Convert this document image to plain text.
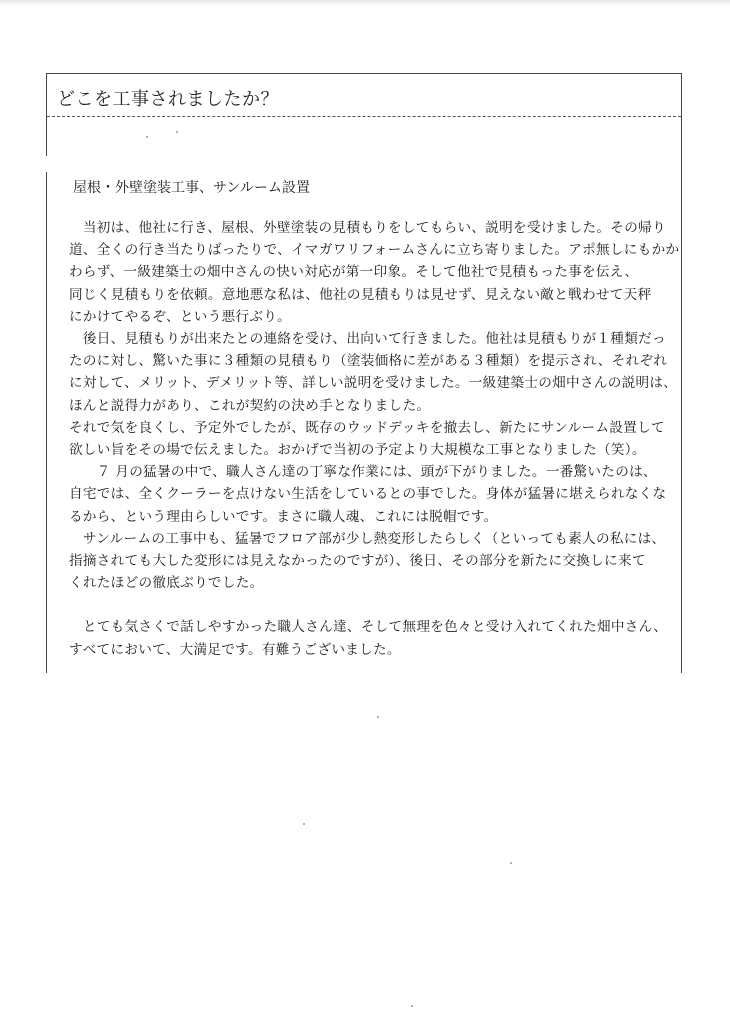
どこを工事されましたか？
屋根・外壁塗装工事、サンルーム設置
　当初は、他社に行き、屋根、外壁塗装の見積もりをしてもらい、説明を受けました。その帰り
道、全くの行き当たりばったりで、イマガワリフォームさんに立ち寄りました。アポ無しにもかか
わらず、一級建築士の畑中さんの快い対応が第一印象。そして他社で見積もった事を伝え、
同じく見積もりを依頼。意地悪な私は、他社の見積もりは見せず、見えない敵と戦わせて天秤
にかけてやるぞ、という悪行ぶり。
　後日、見積もりが出来たとの連絡を受け、出向いて行きました。他社は見積もりが１種類だっ
たのに対し、驚いた事に３種類の見積もり（塗装価格に差がある３種類）を提示され、それぞれ
に対して、メリット、デメリット等、詳しい説明を受けました。一級建築士の畑中さんの説明は、
ほんと説得力があり、これが契約の決め手となりました。
それで気を良くし、予定外でしたが、既存のウッドデッキを撤去し、新たにサンルーム設置して
欲しい旨をその場で伝えました。おかげで当初の予定より大規模な工事となりました（笑）。
　　７ 月の猛暑の中で、職人さん達の丁寧な作業には、頭が下がりました。一番驚いたのは、
自宅では、全くクーラーを点けない生活をしているとの事でした。身体が猛暑に堪えられなくな
るから、という理由らしいです。まさに職人魂、これには脱帽です。
　サンルームの工事中も、猛暑でフロア部が少し熱変形したらしく（といっても素人の私には、
指摘されても大した変形には見えなかったのですが）、後日、その部分を新たに交換しに来て
くれたほどの徹底ぶりでした。
　とても気さくで話しやすかった職人さん達、そして無理を色々と受け入れてくれた畑中さん、
すべてにおいて、大満足です。有難うございました。
